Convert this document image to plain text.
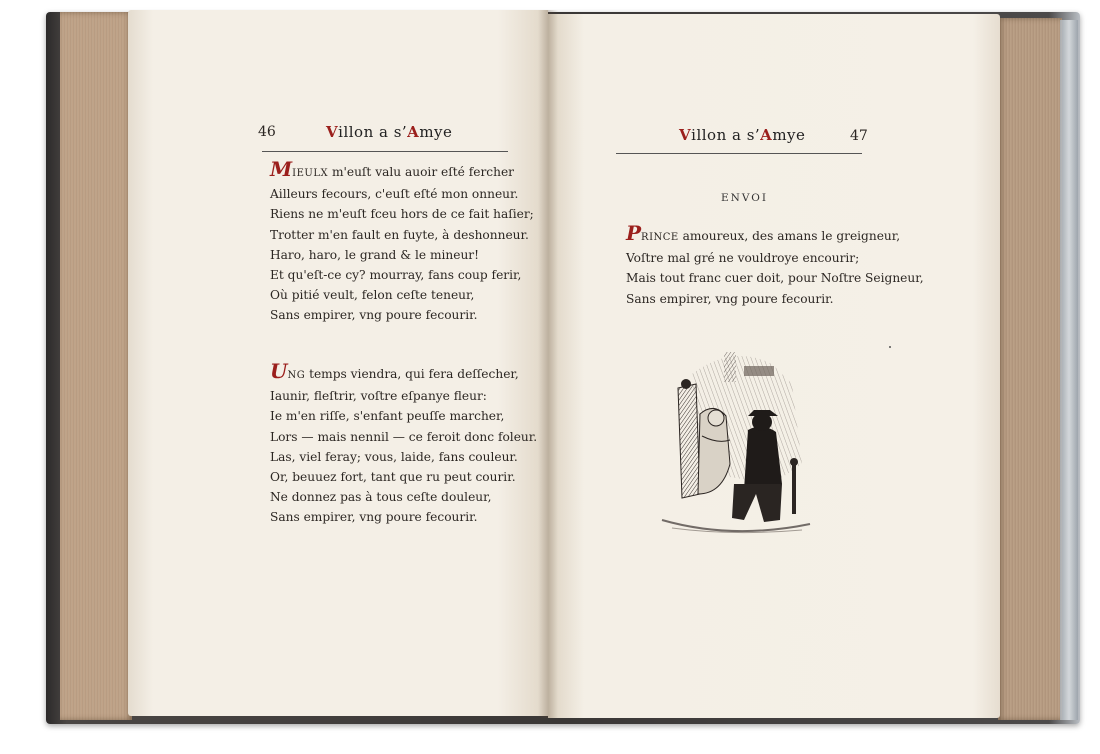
46	Villon a s’Amye
MIEULX m'euſt valu auoir eſté fercher
Ailleurs fecours, c'euſt eſté mon onneur.
Riens ne m'euſt fceu hors de ce fait haſier;
Trotter m'en fault en fuyte, à deshonneur.
Haro, haro, le grand & le mineur!
Et qu'eſt-ce cy? mourray, fans coup ferir,
Où pitié veult, felon ceſte teneur,
Sans empirer, vng poure fecourir.
UNG temps viendra, qui fera deſſecher,
Iaunir, fleſtrir, voſtre eſpanye fleur:
Ie m'en riſſe, s'enfant peuſſe marcher,
Lors — mais nennil — ce feroit donc foleur.
Las, viel feray; vous, laide, fans couleur.
Or, beuuez fort, tant que ru peut courir.
Ne donnez pas à tous ceſte douleur,
Sans empirer, vng poure fecourir.
Villon a s’Amye	47
ENVOI
PRINCE amoureux, des amans le greigneur,
Voſtre mal gré ne vouldroye encourir;
Mais tout franc cuer doit, pour Noſtre Seigneur,
Sans empirer, vng poure fecourir.
